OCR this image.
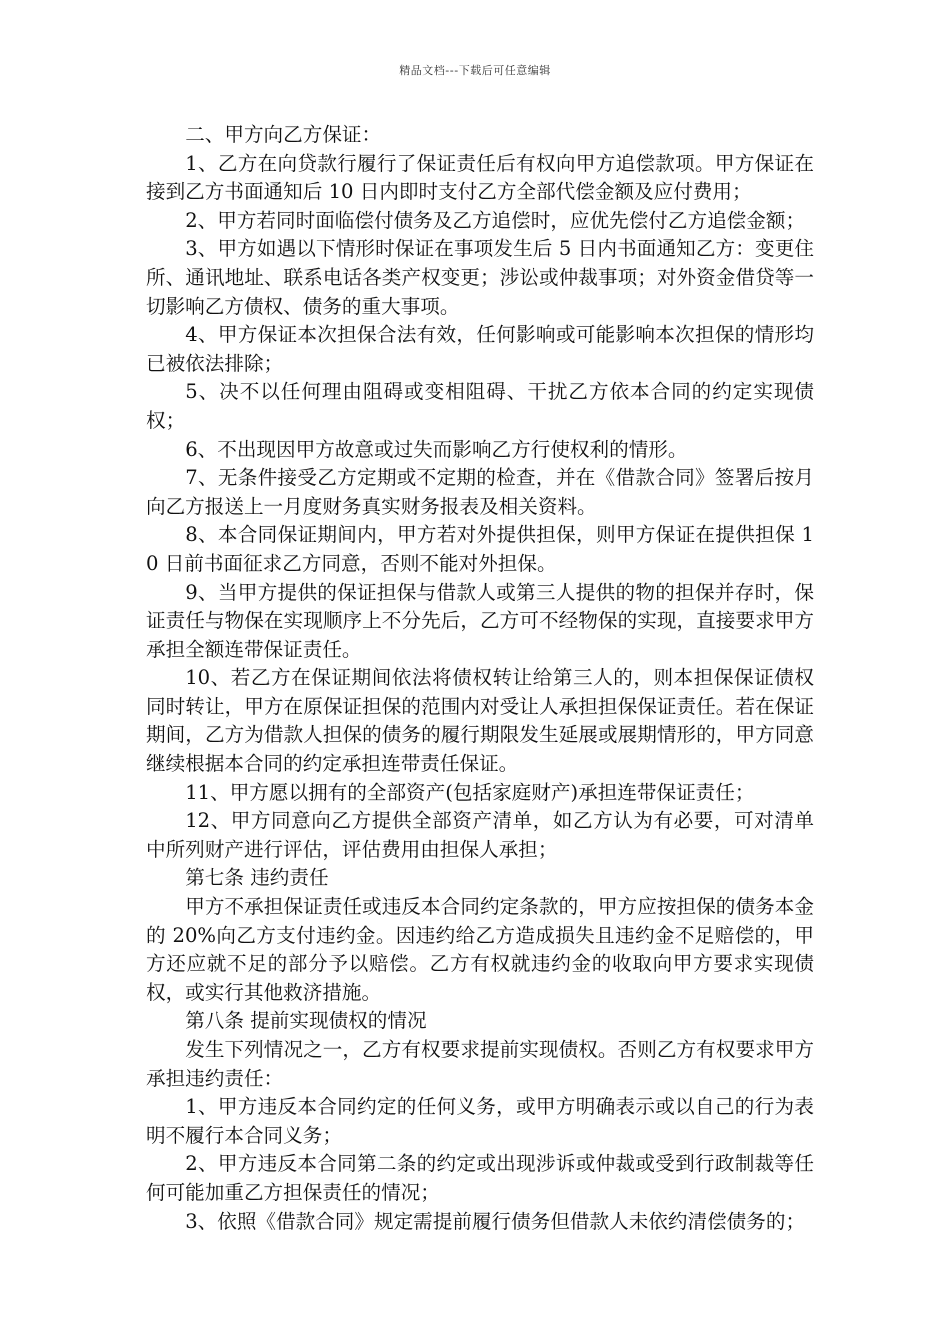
精品文档---下载后可任意编辑

二、甲方向乙方保证：

1、乙方在向贷款行履行了保证责任后有权向甲方追偿款项。甲方保证在接到乙方书面通知后 10 日内即时支付乙方全部代偿金额及应付费用；

2、甲方若同时面临偿付债务及乙方追偿时，应优先偿付乙方追偿金额；

3、甲方如遇以下情形时保证在事项发生后 5 日内书面通知乙方：变更住所、通讯地址、联系电话各类产权变更；涉讼或仲裁事项；对外资金借贷等一切影响乙方债权、债务的重大事项。

4、甲方保证本次担保合法有效，任何影响或可能影响本次担保的情形均已被依法排除；

5、决不以任何理由阻碍或变相阻碍、干扰乙方依本合同的约定实现债权；

6、不出现因甲方故意或过失而影响乙方行使权利的情形。

7、无条件接受乙方定期或不定期的检查，并在《借款合同》签署后按月向乙方报送上一月度财务真实财务报表及相关资料。

8、本合同保证期间内，甲方若对外提供担保，则甲方保证在提供担保 10 日前书面征求乙方同意，否则不能对外担保。

9、当甲方提供的保证担保与借款人或第三人提供的物的担保并存时，保证责任与物保在实现顺序上不分先后，乙方可不经物保的实现，直接要求甲方承担全额连带保证责任。

10、若乙方在保证期间依法将债权转让给第三人的，则本担保保证债权同时转让，甲方在原保证担保的范围内对受让人承担担保保证责任。若在保证期间，乙方为借款人担保的债务的履行期限发生延展或展期情形的，甲方同意继续根据本合同的约定承担连带责任保证。

11、甲方愿以拥有的全部资产(包括家庭财产)承担连带保证责任；

12、甲方同意向乙方提供全部资产清单，如乙方认为有必要，可对清单中所列财产进行评估，评估费用由担保人承担；

第七条 违约责任

甲方不承担保证责任或违反本合同约定条款的，甲方应按担保的债务本金的 20%向乙方支付违约金。因违约给乙方造成损失且违约金不足赔偿的，甲方还应就不足的部分予以赔偿。乙方有权就违约金的收取向甲方要求实现债权，或实行其他救济措施。

第八条 提前实现债权的情况

发生下列情况之一，乙方有权要求提前实现债权。否则乙方有权要求甲方承担违约责任：

1、甲方违反本合同约定的任何义务，或甲方明确表示或以自己的行为表明不履行本合同义务；

2、甲方违反本合同第二条的约定或出现涉诉或仲裁或受到行政制裁等任何可能加重乙方担保责任的情况；

3、依照《借款合同》规定需提前履行债务但借款人未依约清偿债务的；
